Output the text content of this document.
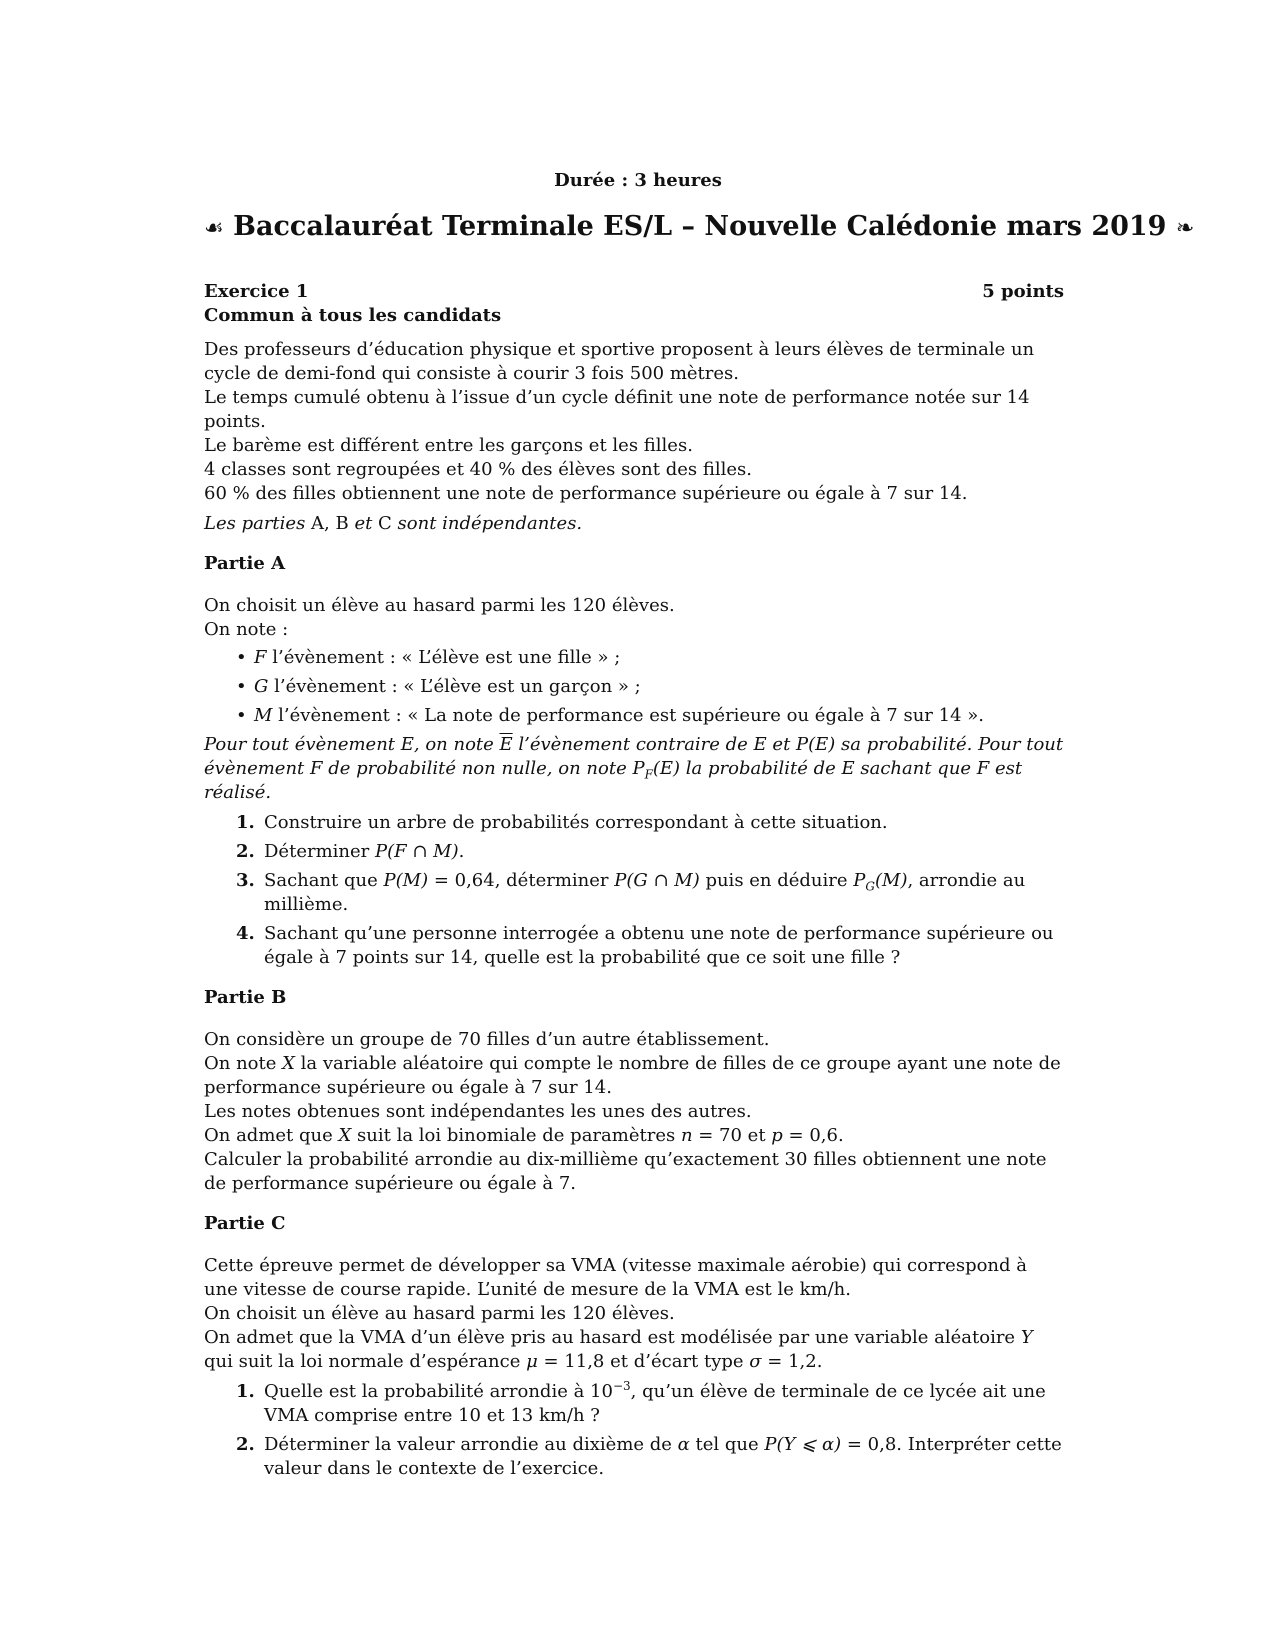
Durée : 3 heures
☙ Baccalauréat Terminale ES/L – Nouvelle Calédonie mars 2019 ❧
Exercice 1	5 points
Commun à tous les candidats

Des professeurs d’éducation physique et sportive proposent à leurs élèves de terminale un cycle de demi-fond qui consiste à courir 3 fois 500 mètres.

Le temps cumulé obtenu à l’issue d’un cycle définit une note de performance notée sur 14 points.

Le barème est différent entre les garçons et les filles.

4 classes sont regroupées et 40 % des élèves sont des filles.

60 % des filles obtiennent une note de performance supérieure ou égale à 7 sur 14.

Les parties A, B et C sont indépendantes.

Partie A

On choisit un élève au hasard parmi les 120 élèves.

On note :

• F l’évènement : « L’élève est une fille » ;
• G l’évènement : « L’élève est un garçon » ;
• M l’évènement : « La note de performance est supérieure ou égale à 7 sur 14 ».

Pour tout évènement E, on note $\overline{E}$ l’évènement contraire de E et P(E) sa probabilité. Pour tout évènement F de probabilité non nulle, on note $P_F(E)$ la probabilité de E sachant que F est réalisé.

1. Construire un arbre de probabilités correspondant à cette situation.
2. Déterminer P(F ∩ M).
3. Sachant que P(M) = 0,64, déterminer P(G ∩ M) puis en déduire $P_G(M)$, arrondie au millième.
4. Sachant qu’une personne interrogée a obtenu une note de performance supérieure ou égale à 7 points sur 14, quelle est la probabilité que ce soit une fille ?
Partie B

On considère un groupe de 70 filles d’un autre établissement.

On note X la variable aléatoire qui compte le nombre de filles de ce groupe ayant une note de performance supérieure ou égale à 7 sur 14.

Les notes obtenues sont indépendantes les unes des autres.

On admet que X suit la loi binomiale de paramètres n = 70 et p = 0,6.

Calculer la probabilité arrondie au dix-millième qu’exactement 30 filles obtiennent une note de performance supérieure ou égale à 7.

Partie C

Cette épreuve permet de développer sa VMA (vitesse maximale aérobie) qui correspond à une vitesse de course rapide. L’unité de mesure de la VMA est le km/h.

On choisit un élève au hasard parmi les 120 élèves.

On admet que la VMA d’un élève pris au hasard est modélisée par une variable aléatoire Y qui suit la loi normale d’espérance μ = 11,8 et d’écart type σ = 1,2.

1. Quelle est la probabilité arrondie à $10^{-3}$, qu’un élève de terminale de ce lycée ait une VMA comprise entre 10 et 13 km/h ?
2. Déterminer la valeur arrondie au dixième de α tel que P(Y ⩽ α) = 0,8. Interpréter cette valeur dans le contexte de l’exercice.
